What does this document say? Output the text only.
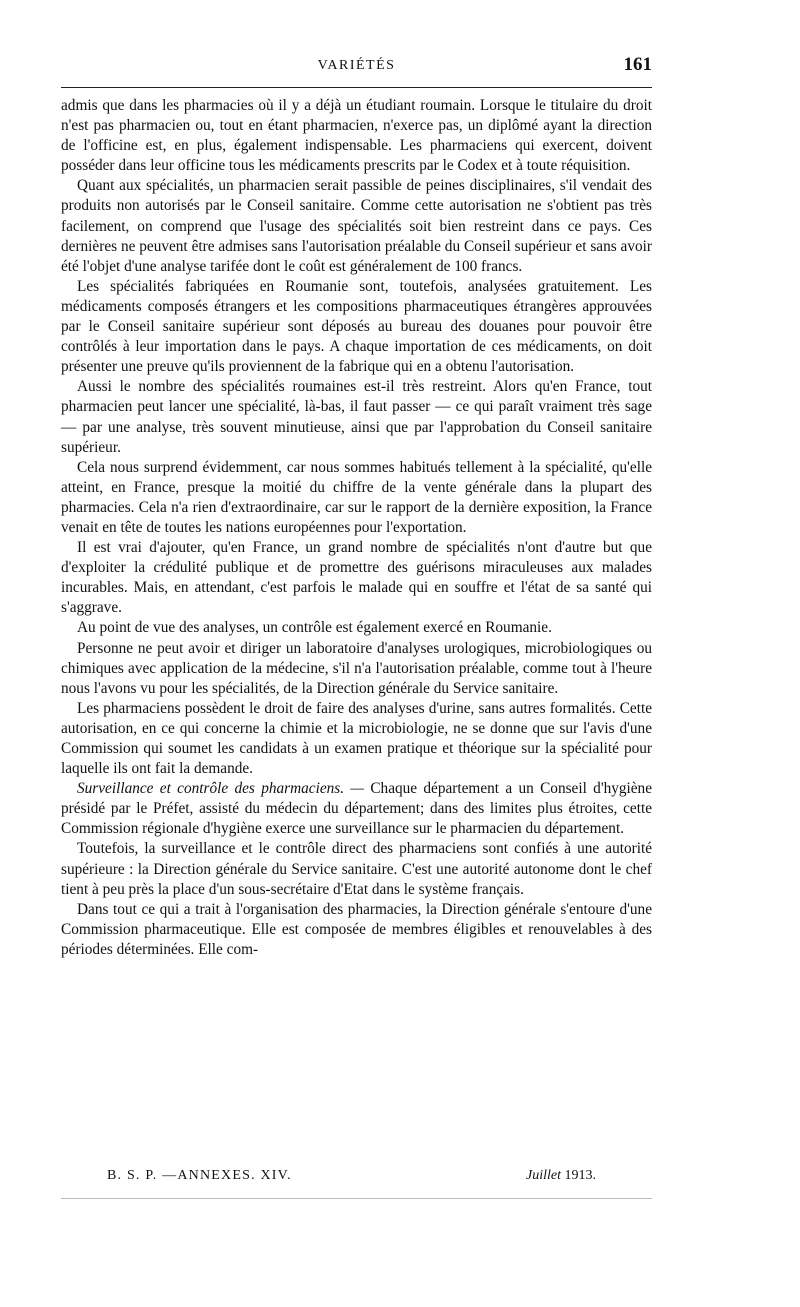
VARIÉTÉS	161

admis que dans les pharmacies où il y a déjà un étudiant roumain. Lorsque le titulaire du droit n'est pas pharmacien ou, tout en étant pharmacien, n'exerce pas, un diplômé ayant la direction de l'officine est, en plus, également indispensable. Les pharmaciens qui exercent, doivent posséder dans leur officine tous les médicaments prescrits par le Codex et à toute réquisition.

Quant aux spécialités, un pharmacien serait passible de peines disciplinaires, s'il vendait des produits non autorisés par le Conseil sanitaire. Comme cette autorisation ne s'obtient pas très facilement, on comprend que l'usage des spécialités soit bien restreint dans ce pays. Ces dernières ne peuvent être admises sans l'autorisation préalable du Conseil supérieur et sans avoir été l'objet d'une analyse tarifée dont le coût est généralement de 100 francs.

Les spécialités fabriquées en Roumanie sont, toutefois, analysées gratuitement. Les médicaments composés étrangers et les compositions pharmaceutiques étrangères approuvées par le Conseil sanitaire supérieur sont déposés au bureau des douanes pour pouvoir être contrôlés à leur importation dans le pays. A chaque importation de ces médicaments, on doit présenter une preuve qu'ils proviennent de la fabrique qui en a obtenu l'autorisation.

Aussi le nombre des spécialités roumaines est-il très restreint. Alors qu'en France, tout pharmacien peut lancer une spécialité, là-bas, il faut passer — ce qui paraît vraiment très sage — par une analyse, très souvent minutieuse, ainsi que par l'approbation du Conseil sanitaire supérieur.

Cela nous surprend évidemment, car nous sommes habitués tellement à la spécialité, qu'elle atteint, en France, presque la moitié du chiffre de la vente générale dans la plupart des pharmacies. Cela n'a rien d'extraordinaire, car sur le rapport de la dernière exposition, la France venait en tête de toutes les nations européennes pour l'exportation.

Il est vrai d'ajouter, qu'en France, un grand nombre de spécialités n'ont d'autre but que d'exploiter la crédulité publique et de promettre des guérisons miraculeuses aux malades incurables. Mais, en attendant, c'est parfois le malade qui en souffre et l'état de sa santé qui s'aggrave.

Au point de vue des analyses, un contrôle est également exercé en Roumanie.

Personne ne peut avoir et diriger un laboratoire d'analyses urologiques, microbiologiques ou chimiques avec application de la médecine, s'il n'a l'autorisation préalable, comme tout à l'heure nous l'avons vu pour les spécialités, de la Direction générale du Service sanitaire.

Les pharmaciens possèdent le droit de faire des analyses d'urine, sans autres formalités. Cette autorisation, en ce qui concerne la chimie et la microbiologie, ne se donne que sur l'avis d'une Commission qui soumet les candidats à un examen pratique et théorique sur la spécialité pour laquelle ils ont fait la demande.

Surveillance et contrôle des pharmaciens. — Chaque département a un Conseil d'hygiène présidé par le Préfet, assisté du médecin du département; dans des limites plus étroites, cette Commission régionale d'hygiène exerce une surveillance sur le pharmacien du département.

Toutefois, la surveillance et le contrôle direct des pharmaciens sont confiés à une autorité supérieure : la Direction générale du Service sanitaire. C'est une autorité autonome dont le chef tient à peu près la place d'un sous-secrétaire d'Etat dans le système français.

Dans tout ce qui a trait à l'organisation des pharmacies, la Direction générale s'entoure d'une Commission pharmaceutique. Elle est composée de membres éligibles et renouvelables à des périodes déterminées. Elle com-

B. S. P. —ANNEXES. XIV.	Juillet 1913.
